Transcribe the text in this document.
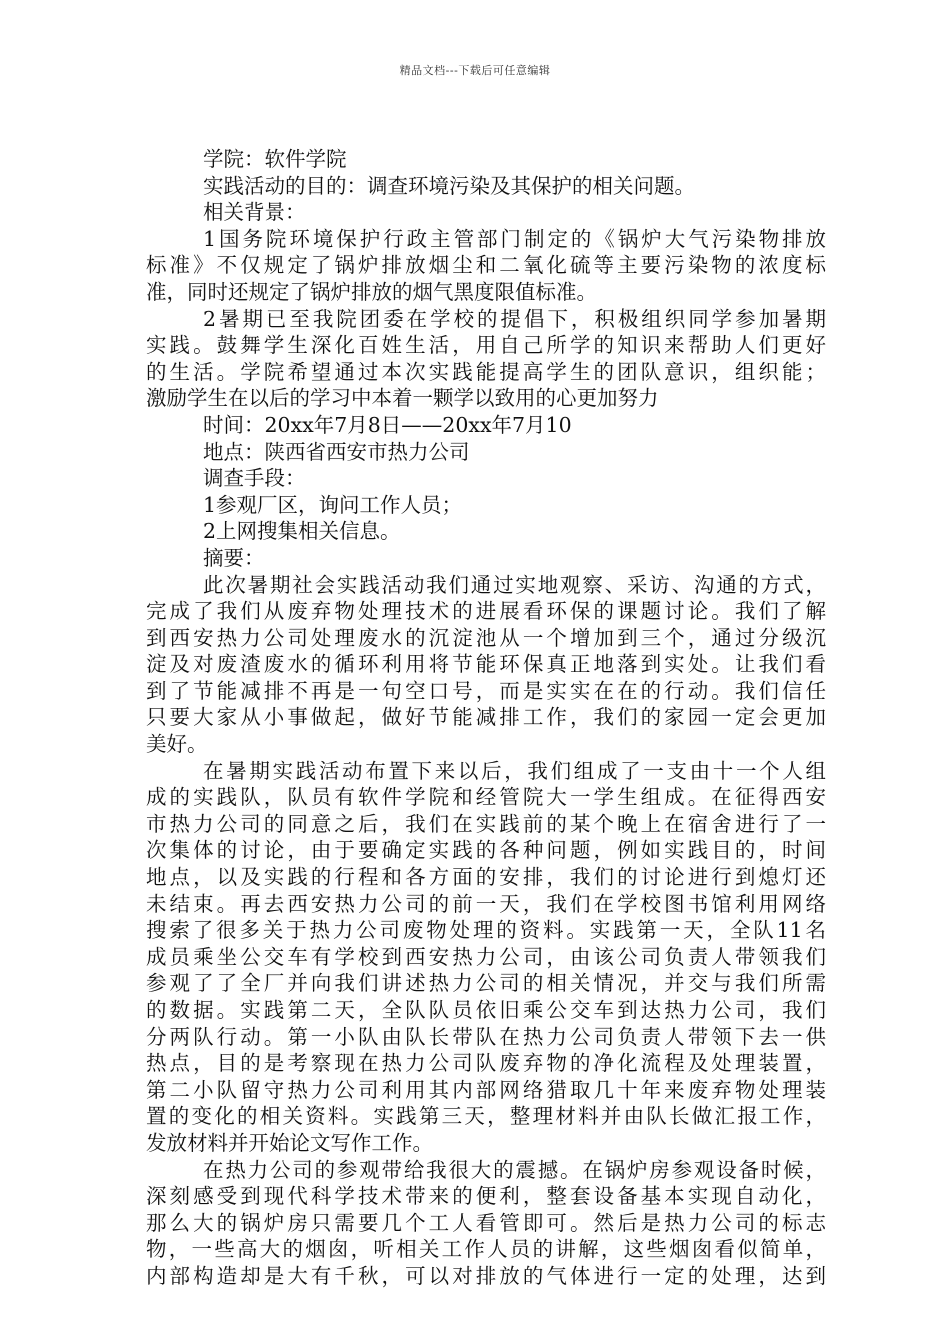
精品文档---下载后可任意编辑
学院：软件学院
实践活动的目的：调查环境污染及其保护的相关问题。
相关背景：
1国务院环境保护行政主管部门制定的《锅炉大气污染物排放
标准》不仅规定了锅炉排放烟尘和二氧化硫等主要污染物的浓度标
准，同时还规定了锅炉排放的烟气黑度限值标准。
2暑期已至我院团委在学校的提倡下，积极组织同学参加暑期
实践。鼓舞学生深化百姓生活，用自己所学的知识来帮助人们更好
的生活。学院希望通过本次实践能提高学生的团队意识，组织能；
激励学生在以后的学习中本着一颗学以致用的心更加努力
时间：20xx年7月8日——20xx年7月10
地点：陕西省西安市热力公司
调查手段：
1参观厂区，询问工作人员；
2上网搜集相关信息。
摘要：
此次暑期社会实践活动我们通过实地观察、采访、沟通的方式，
完成了我们从废弃物处理技术的进展看环保的课题讨论。我们了解
到西安热力公司处理废水的沉淀池从一个增加到三个，通过分级沉
淀及对废渣废水的循环利用将节能环保真正地落到实处。让我们看
到了节能减排不再是一句空口号，而是实实在在的行动。我们信任
只要大家从小事做起，做好节能减排工作，我们的家园一定会更加
美好。
在暑期实践活动布置下来以后，我们组成了一支由十一个人组
成的实践队，队员有软件学院和经管院大一学生组成。在征得西安
市热力公司的同意之后，我们在实践前的某个晚上在宿舍进行了一
次集体的讨论，由于要确定实践的各种问题，例如实践目的，时间
地点，以及实践的行程和各方面的安排，我们的讨论进行到熄灯还
未结束。再去西安热力公司的前一天，我们在学校图书馆利用网络
搜索了很多关于热力公司废物处理的资料。实践第一天，全队11名
成员乘坐公交车有学校到西安热力公司，由该公司负责人带领我们
参观了了全厂并向我们讲述热力公司的相关情况，并交与我们所需
的数据。实践第二天，全队队员依旧乘公交车到达热力公司，我们
分两队行动。第一小队由队长带队在热力公司负责人带领下去一供
热点，目的是考察现在热力公司队废弃物的净化流程及处理装置，
第二小队留守热力公司利用其内部网络猎取几十年来废弃物处理装
置的变化的相关资料。实践第三天，整理材料并由队长做汇报工作，
发放材料并开始论文写作工作。
在热力公司的参观带给我很大的震撼。在锅炉房参观设备时候，
深刻感受到现代科学技术带来的便利，整套设备基本实现自动化，
那么大的锅炉房只需要几个工人看管即可。然后是热力公司的标志
物，一些高大的烟囱，听相关工作人员的讲解，这些烟囱看似简单，
内部构造却是大有千秋，可以对排放的气体进行一定的处理，达到
